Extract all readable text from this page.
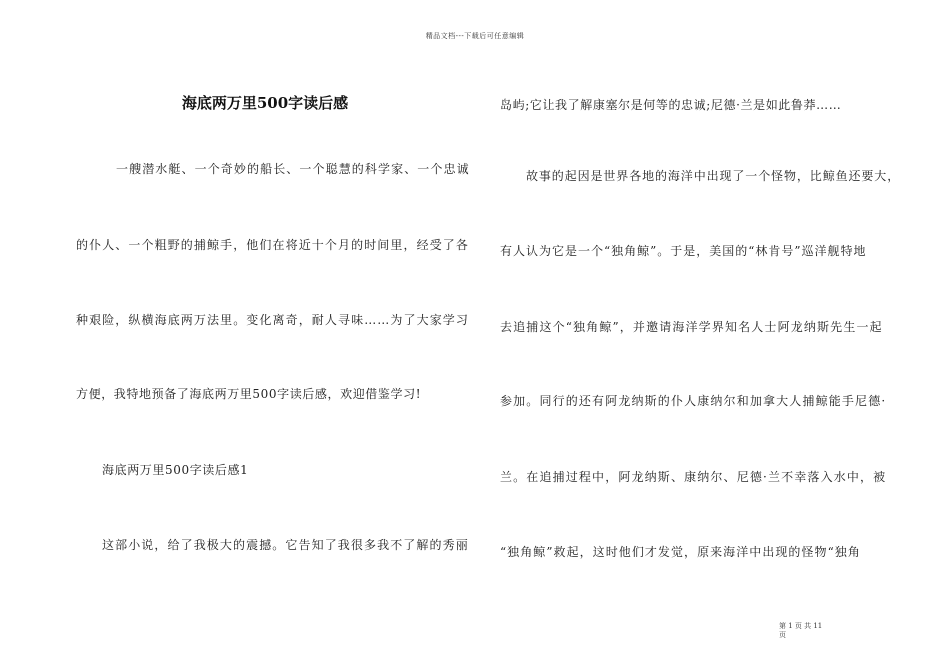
精品文档---下载后可任意编辑
海底两万里500字读后感
一艘潜水艇、一个奇妙的船长、一个聪慧的科学家、一个忠诚
的仆人、一个粗野的捕鲸手，他们在将近十个月的时间里，经受了各
种艰险，纵横海底两万法里。变化离奇，耐人寻味……为了大家学习
方便，我特地预备了海底两万里500字读后感，欢迎借鉴学习!
海底两万里500字读后感1
这部小说，给了我极大的震撼。它告知了我很多我不了解的秀丽
岛屿;它让我了解康塞尔是何等的忠诚;尼德·兰是如此鲁莽……
故事的起因是世界各地的海洋中出现了一个怪物，比鲸鱼还要大，
有人认为它是一个“独角鲸”。于是，美国的“林肯号”巡洋舰特地
去追捕这个“独角鲸”，并邀请海洋学界知名人士阿龙纳斯先生一起
参加。同行的还有阿龙纳斯的仆人康纳尔和加拿大人捕鲸能手尼德·
兰。在追捕过程中，阿龙纳斯、康纳尔、尼德·兰不幸落入水中，被
“独角鲸”救起，这时他们才发觉，原来海洋中出现的怪物“独角
第 1 页 共 11
页
